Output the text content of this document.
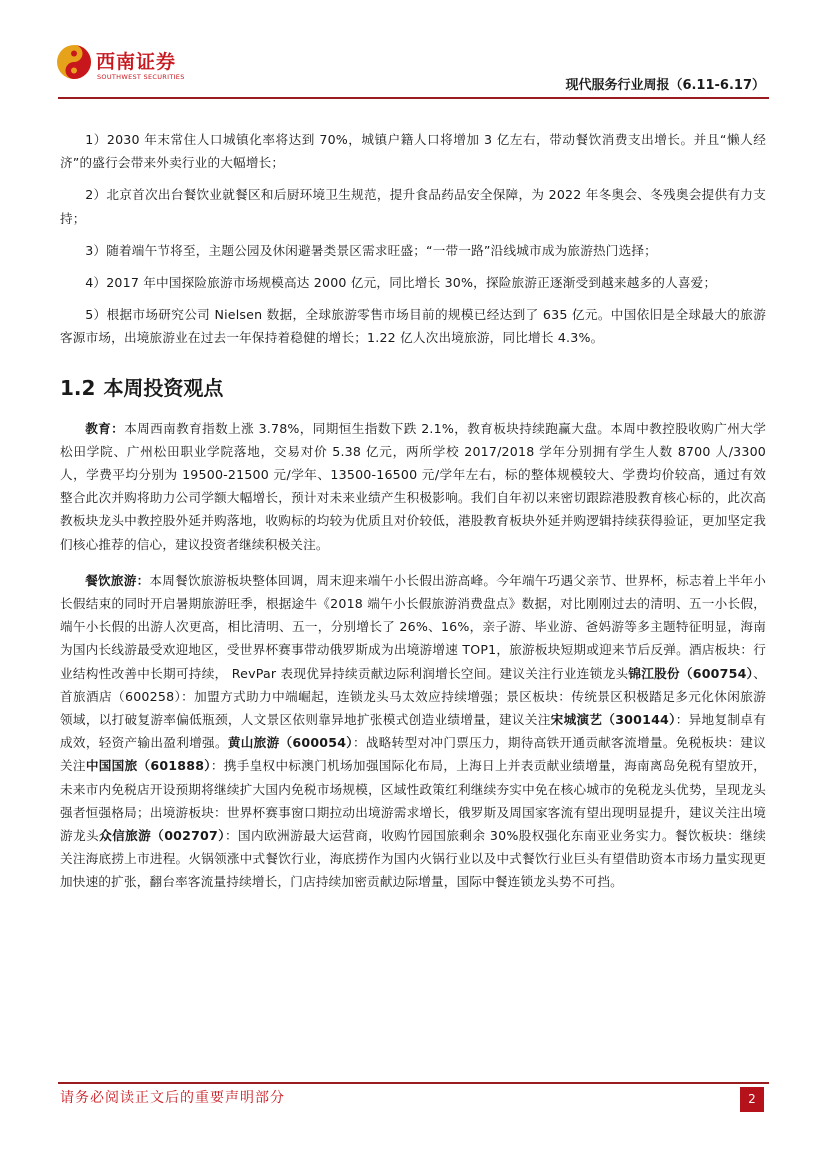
西南证券
SOUTHWEST SECURITIES
现代服务行业周报（6.11-6.17）

1）2030 年末常住人口城镇化率将达到 70%，城镇户籍人口将增加 3 亿左右，带动餐饮消费支出增长。并且“懒人经济”的盛行会带来外卖行业的大幅增长；

2）北京首次出台餐饮业就餐区和后厨环境卫生规范，提升食品药品安全保障，为 2022 年冬奥会、冬残奥会提供有力支持；

3）随着端午节将至，主题公园及休闲避暑类景区需求旺盛；“一带一路”沿线城市成为旅游热门选择；

4）2017 年中国探险旅游市场规模高达 2000 亿元，同比增长 30%，探险旅游正逐渐受到越来越多的人喜爱；

5）根据市场研究公司 Nielsen 数据，全球旅游零售市场目前的规模已经达到了 635 亿元。中国依旧是全球最大的旅游客源市场，出境旅游业在过去一年保持着稳健的增长；1.22 亿人次出境旅游，同比增长 4.3%。

1.2 本周投资观点

教育：本周西南教育指数上涨 3.78%，同期恒生指数下跌 2.1%，教育板块持续跑赢大盘。本周中教控股收购广州大学松田学院、广州松田职业学院落地，交易对价 5.38 亿元，两所学校 2017/2018 学年分别拥有学生人数 8700 人/3300 人，学费平均分别为 19500-21500 元/学年、13500-16500 元/学年左右，标的整体规模较大、学费均价较高，通过有效整合此次并购将助力公司学额大幅增长，预计对未来业绩产生积极影响。我们自年初以来密切跟踪港股教育核心标的，此次高教板块龙头中教控股外延并购落地，收购标的均较为优质且对价较低，港股教育板块外延并购逻辑持续获得验证，更加坚定我们核心推荐的信心，建议投资者继续积极关注。

餐饮旅游：本周餐饮旅游板块整体回调，周末迎来端午小长假出游高峰。今年端午巧遇父亲节、世界杯，标志着上半年小长假结束的同时开启暑期旅游旺季，根据途牛《2018 端午小长假旅游消费盘点》数据，对比刚刚过去的清明、五一小长假，端午小长假的出游人次更高，相比清明、五一，分别增长了 26%、16%，亲子游、毕业游、爸妈游等多主题特征明显，海南为国内长线游最受欢迎地区，受世界杯赛事带动俄罗斯成为出境游增速 TOP1，旅游板块短期或迎来节后反弹。酒店板块：行业结构性改善中长期可持续， RevPar 表现优异持续贡献边际利润增长空间。建议关注行业连锁龙头锦江股份（600754）、首旅酒店（600258）：加盟方式助力中端崛起，连锁龙头马太效应持续增强；景区板块：传统景区积极踏足多元化休闲旅游领域，以打破复游率偏低瓶颈，人文景区依则靠异地扩张模式创造业绩增量，建议关注宋城演艺（300144）：异地复制卓有成效，轻资产输出盈利增强。黄山旅游（600054）：战略转型对冲门票压力，期待高铁开通贡献客流增量。免税板块：建议关注中国国旅（601888）：携手皇权中标澳门机场加强国际化布局，上海日上并表贡献业绩增量，海南离岛免税有望放开，未来市内免税店开设预期将继续扩大国内免税市场规模，区域性政策红利继续夯实中免在核心城市的免税龙头优势，呈现龙头强者恒强格局；出境游板块：世界杯赛事窗口期拉动出境游需求增长，俄罗斯及周国家客流有望出现明显提升，建议关注出境游龙头众信旅游（002707）：国内欧洲游最大运营商，收购竹园国旅剩余 30%股权强化东南亚业务实力。餐饮板块：继续关注海底捞上市进程。火锅领涨中式餐饮行业，海底捞作为国内火锅行业以及中式餐饮行业巨头有望借助资本市场力量实现更加快速的扩张，翻台率客流量持续增长，门店持续加密贡献边际增量，国际中餐连锁龙头势不可挡。

请务必阅读正文后的重要声明部分	2
